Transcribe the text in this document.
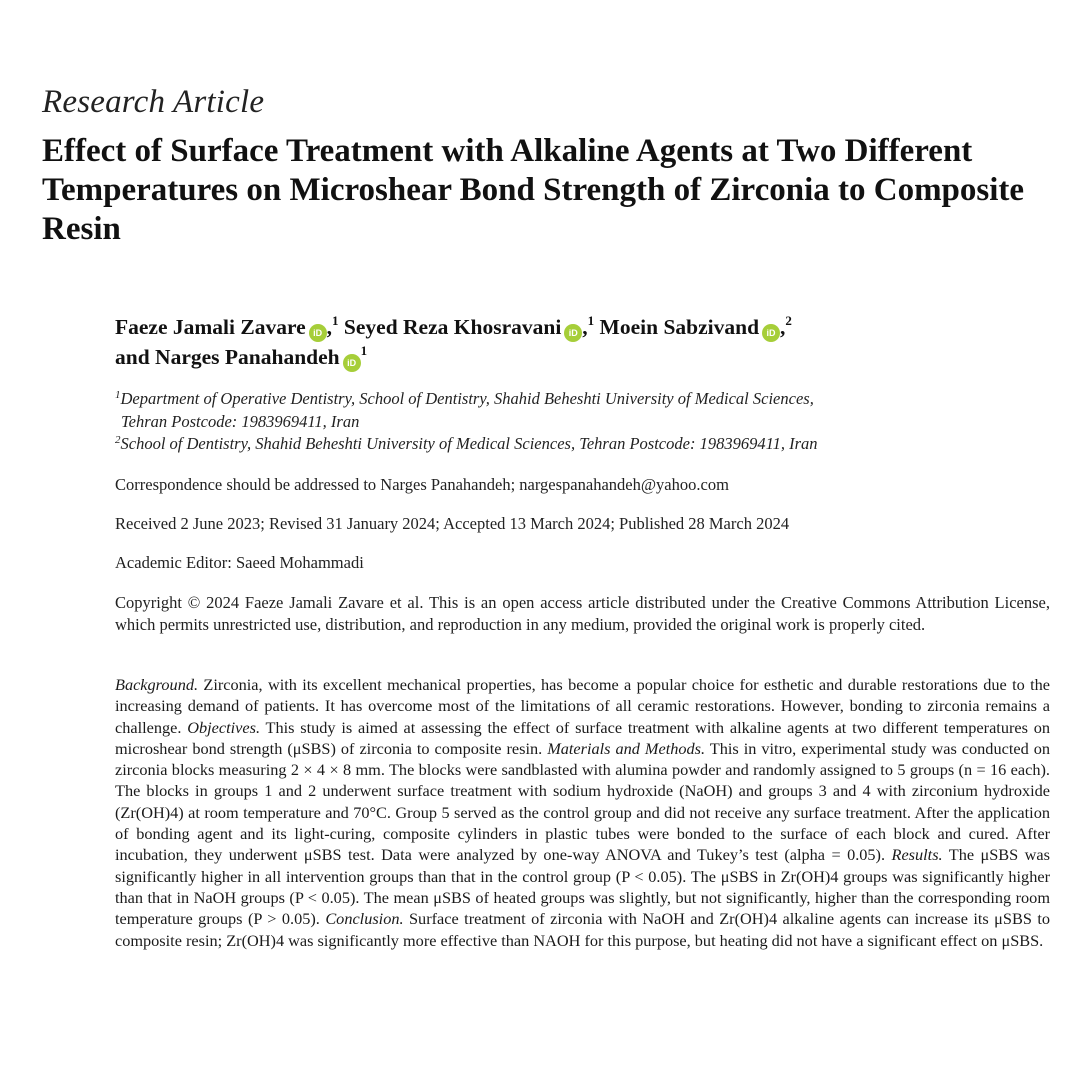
Research Article
Effect of Surface Treatment with Alkaline Agents at Two Different Temperatures on Microshear Bond Strength of Zirconia to Composite Resin
Faeze Jamali Zavare iD ,$^1$ Seyed Reza Khosravani iD ,$^1$ Moein Sabzivand iD ,$^2$
and Narges Panahandeh $iD^1$
$^1$Department of Operative Dentistry, School of Dentistry, Shahid Beheshti University of Medical Sciences,
Tehran Postcode: 1983969411, Iran
$^2$School of Dentistry, Shahid Beheshti University of Medical Sciences, Tehran Postcode: 1983969411, Iran
Correspondence should be addressed to Narges Panahandeh; nargespanahandeh@yahoo.com
Received 2 June 2023; Revised 31 January 2024; Accepted 13 March 2024; Published 28 March 2024
Academic Editor: Saeed Mohammadi
Copyright © 2024 Faeze Jamali Zavare et al. This is an open access article distributed under the Creative Commons Attribution License, which permits unrestricted use, distribution, and reproduction in any medium, provided the original work is properly cited.
Background. Zirconia, with its excellent mechanical properties, has become a popular choice for esthetic and durable restorations due to the increasing demand of patients. It has overcome most of the limitations of all ceramic restorations. However, bonding to zirconia remains a challenge. Objectives. This study is aimed at assessing the effect of surface treatment with alkaline agents at two different temperatures on microshear bond strength (μSBS) of zirconia to composite resin. Materials and Methods. This in vitro, experimental study was conducted on zirconia blocks measuring 2 × 4 × 8 mm. The blocks were sandblasted with alumina powder and randomly assigned to 5 groups (n = 16 each). The blocks in groups 1 and 2 underwent surface treatment with sodium hydroxide (NaOH) and groups 3 and 4 with zirconium hydroxide (Zr(OH)4) at room temperature and 70°C. Group 5 served as the control group and did not receive any surface treatment. After the application of bonding agent and its light-curing, composite cylinders in plastic tubes were bonded to the surface of each block and cured. After incubation, they underwent μSBS test. Data were analyzed by one-way ANOVA and Tukey’s test (alpha = 0.05). Results. The μSBS was significantly higher in all intervention groups than that in the control group (P < 0.05). The μSBS in Zr(OH)4 groups was significantly higher than that in NaOH groups (P < 0.05). The mean μSBS of heated groups was slightly, but not significantly, higher than the corresponding room temperature groups (P > 0.05). Conclusion. Surface treatment of zirconia with NaOH and Zr(OH)4 alkaline agents can increase its μSBS to composite resin; Zr(OH)4 was significantly more effective than NAOH for this purpose, but heating did not have a significant effect on μSBS.
